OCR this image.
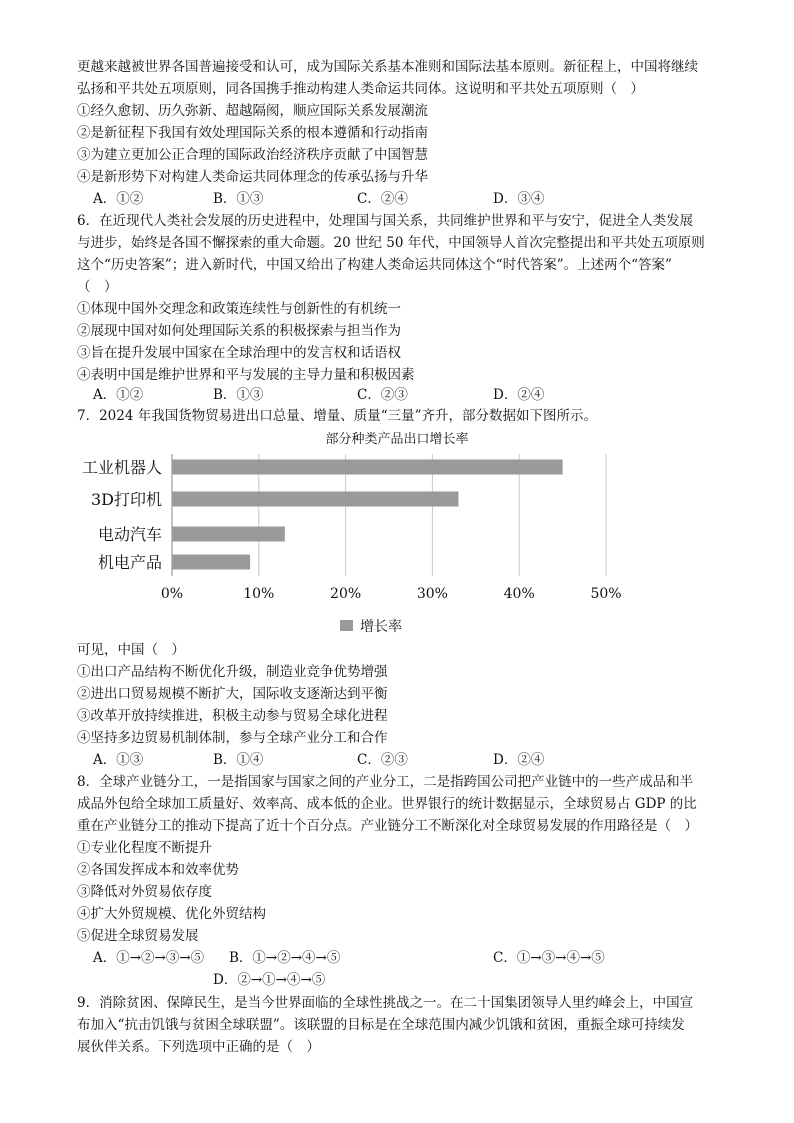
更越来越被世界各国普遍接受和认可，成为国际关系基本准则和国际法基本原则。新征程上，中国将继续
弘扬和平共处五项原则，同各国携手推动构建人类命运共同体。这说明和平共处五项原则（　）
①经久愈韧、历久弥新、超越隔阂，顺应国际关系发展潮流
②是新征程下我国有效处理国际关系的根本遵循和行动指南
③为建立更加公正合理的国际政治经济秩序贡献了中国智慧
④是新形势下对构建人类命运共同体理念的传承弘扬与升华
A．①②	B．①③	C．②④	D．③④
6．在近现代人类社会发展的历史进程中，处理国与国关系，共同维护世界和平与安宁，促进全人类发展
与进步，始终是各国不懈探索的重大命题。20 世纪 50 年代，中国领导人首次完整提出和平共处五项原则
这个“历史答案”；进入新时代，中国又给出了构建人类命运共同体这个“时代答案”。上述两个“答案”
（　）
①体现中国外交理念和政策连续性与创新性的有机统一
②展现中国对如何处理国际关系的积极探索与担当作为
③旨在提升发展中国家在全球治理中的发言权和话语权
④表明中国是维护世界和平与发展的主导力量和积极因素
A．①②	B．①③	C．②③	D．②④
7．2024 年我国货物贸易进出口总量、增量、质量“三量”齐升，部分数据如下图所示。
部分种类产品出口增长率
0%	10%	20%	30%	40%	50%
工业机器人
3D打印机
电动汽车
机电产品
增长率
可见，中国（　）
①出口产品结构不断优化升级，制造业竞争优势增强
②进出口贸易规模不断扩大，国际收支逐渐达到平衡
③改革开放持续推进，积极主动参与贸易全球化进程
④坚持多边贸易机制体制，参与全球产业分工和合作
A．①③	B．①④	C．②③	D．②④
8．全球产业链分工，一是指国家与国家之间的产业分工，二是指跨国公司把产业链中的一些产成品和半
成品外包给全球加工质量好、效率高、成本低的企业。世界银行的统计数据显示，全球贸易占 GDP 的比
重在产业链分工的推动下提高了近十个百分点。产业链分工不断深化对全球贸易发展的作用路径是（　）
①专业化程度不断提升
②各国发挥成本和效率优势
③降低对外贸易依存度
④扩大外贸规模、优化外贸结构
⑤促进全球贸易发展
A．①→②→③→⑤ B．①→②→④→⑤	C．①→③→④→⑤
D．②→①→④→⑤
9．消除贫困、保障民生，是当今世界面临的全球性挑战之一。在二十国集团领导人里约峰会上，中国宣
布加入“抗击饥饿与贫困全球联盟”。该联盟的目标是在全球范围内减少饥饿和贫困，重振全球可持续发
展伙伴关系。下列选项中正确的是（　）
